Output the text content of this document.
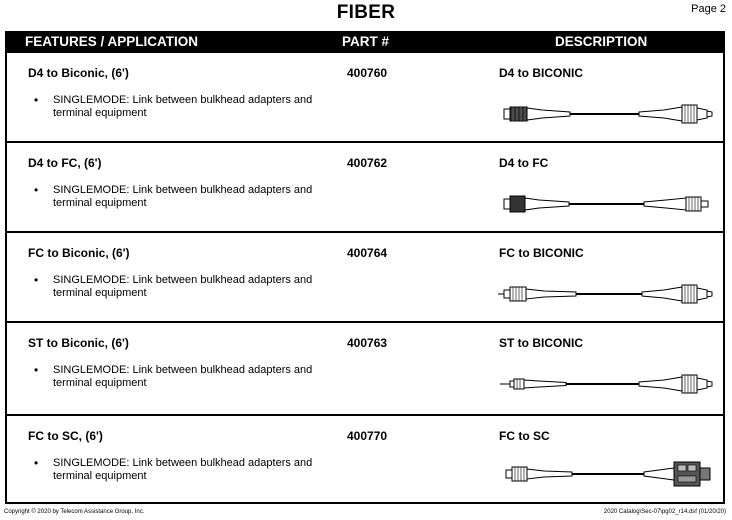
FIBER	Page 2
FEATURES / APPLICATION	PART #	DESCRIPTION
D4 to Biconic, (6')
• SINGLEMODE: Link between bulkhead adapters and terminal equipment
400760	D4 to BICONIC
D4 to FC, (6')
• SINGLEMODE: Link between bulkhead adapters and terminal equipment
400762	D4 to FC
FC to Biconic, (6')
• SINGLEMODE: Link between bulkhead adapters and terminal equipment
400764	FC to BICONIC
ST to Biconic, (6')
• SINGLEMODE: Link between bulkhead adapters and terminal equipment
400763	ST to BICONIC
FC to SC, (6')
• SINGLEMODE: Link between bulkhead adapters and terminal equipment
400770	FC to SC
Copyright © 2020 by Telecom Assistance Group, Inc.	2020 Catalog\Sec-07\pg02_r14.dsf (01/20/20)
